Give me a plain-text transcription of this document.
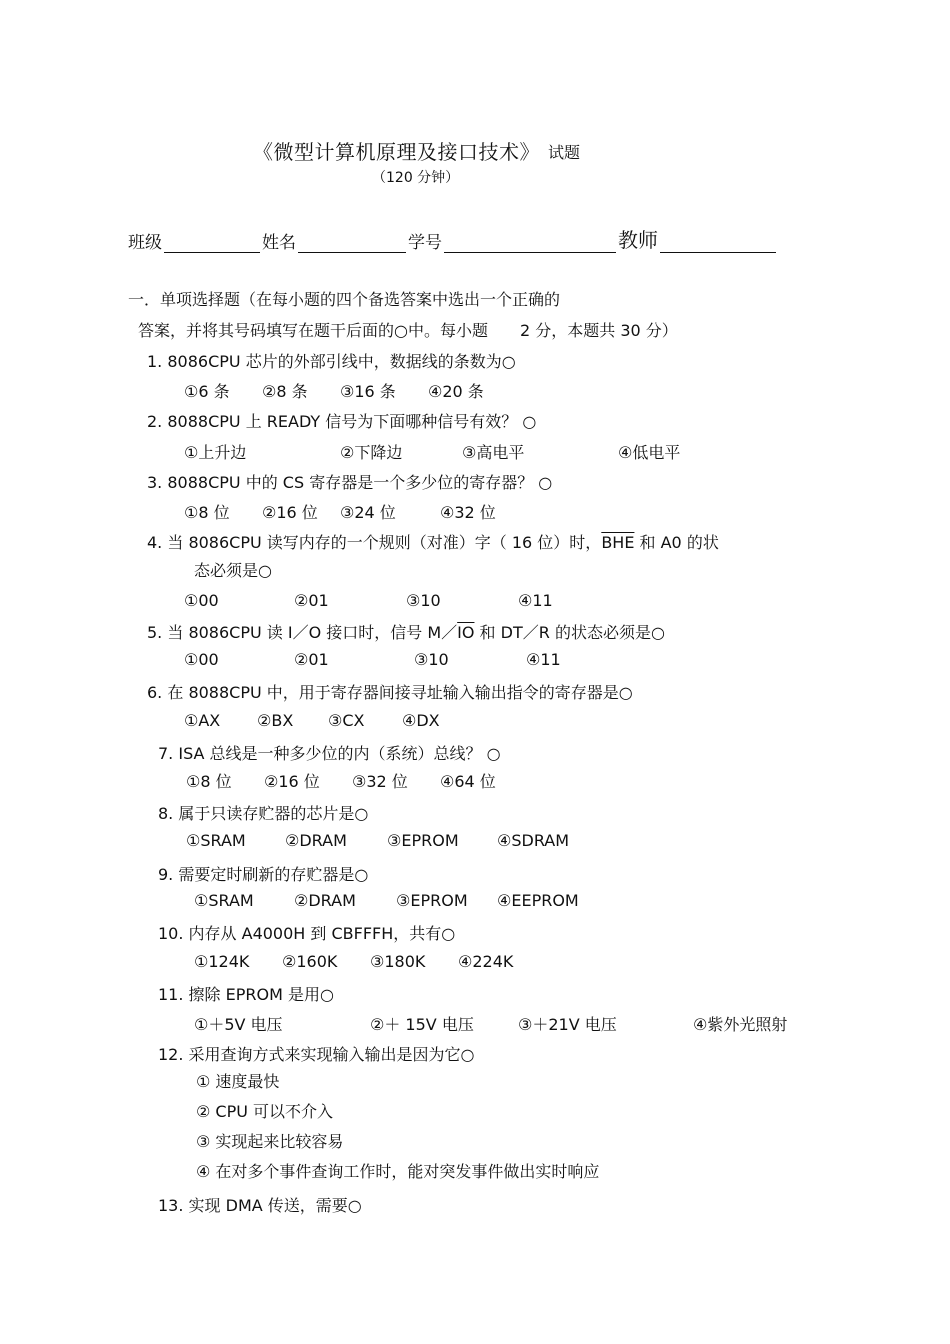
《微型计算机原理及接口技术》 试题
（120 分钟）
班级	姓名	学号	教师
一．单项选择题（在每小题的四个备选答案中选出一个正确的
答案，并将其号码填写在题干后面的○中。每小题　　2 分，本题共 30 分）
1. 8086CPU 芯片的外部引线中，数据线的条数为○
①6 条 ②8 条 ③16 条 ④20 条
2. 8088CPU 上 READY 信号为下面哪种信号有效？ ○
①上升边	②下降边	③高电平	④低电平
3. 8088CPU 中的 CS 寄存器是一个多少位的寄存器？ ○
①8 位 ②16 位 ③24 位	④32 位
4. 当 8086CPU 读写内存的一个规则（对准）字（ 16 位）时，$\overline{BHE}$ 和 A0 的状
态必须是○
①00	②01	③10	④11
5. 当 8086CPU 读 I／O 接口时，信号 $M/\overline{IO}$ 和 DT／R 的状态必须是○
①00	②01	③10	④11
6. 在 8088CPU 中，用于寄存器间接寻址输入输出指令的寄存器是○
①AX ②BX ③CX ④DX
7. ISA 总线是一种多少位的内（系统）总线？ ○
①8 位 ②16 位 ③32 位 ④64 位
8. 属于只读存贮器的芯片是○
①SRAM ②DRAM	③EPROM ④SDRAM
9. 需要定时刷新的存贮器是○
①SRAM	②DRAM	③EPROM ④EEPROM
10. 内存从 A4000H 到 CBFFFH，共有○
①124K ②160K ③180K ④224K
11. 擦除 EPROM 是用○
①＋5V 电压	②＋ 15V 电压	③＋21V 电压	④紫外光照射
12. 采用查询方式来实现输入输出是因为它○
① 速度最快
② CPU 可以不介入
③ 实现起来比较容易
④ 在对多个事件查询工作时，能对突发事件做出实时响应
13. 实现 DMA 传送，需要○
